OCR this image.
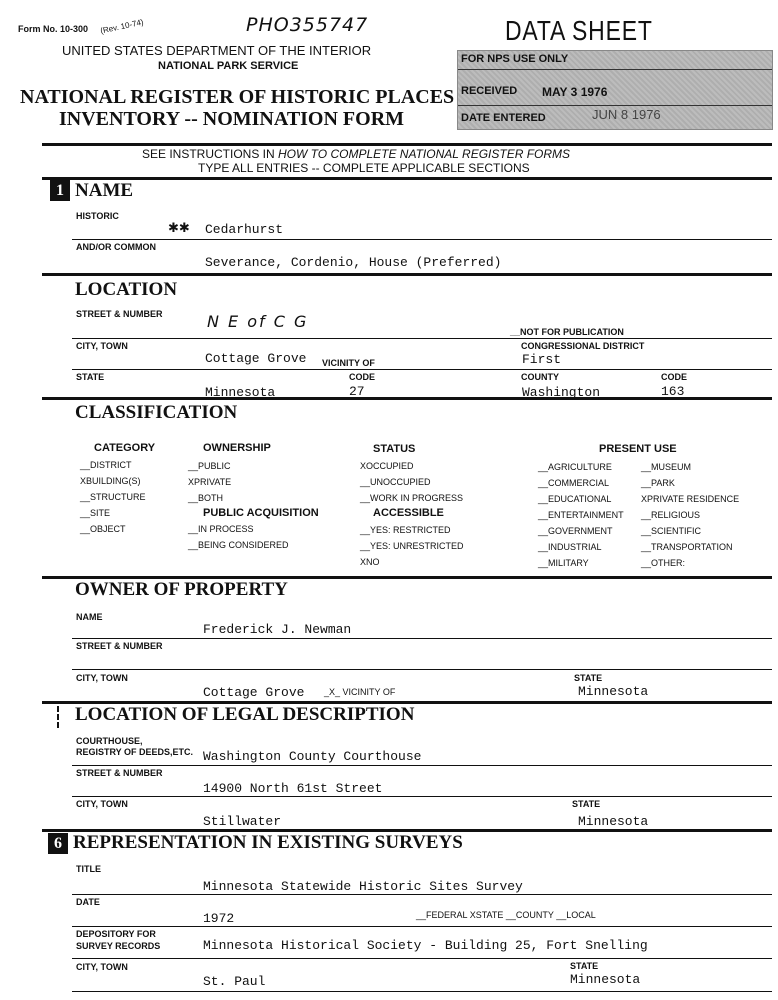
Form No. 10-300 (Rev. 10-74)	PHO355747	DATA SHEET
UNITED STATES DEPARTMENT OF THE INTERIOR
NATIONAL PARK SERVICE
NATIONAL REGISTER OF HISTORIC PLACES
INVENTORY -- NOMINATION FORM
FOR NPS USE ONLY
RECEIVED MAY 3 1976
DATE ENTERED	JUN 8 1976
SEE INSTRUCTIONS IN HOW TO COMPLETE NATIONAL REGISTER FORMS
TYPE ALL ENTRIES -- COMPLETE APPLICABLE SECTIONS
1 NAME
HISTORIC
✱✱ Cedarhurst
AND/OR COMMON
Severance, Cordenio, House (Preferred)
LOCATION
STREET & NUMBER	N E of C G
__NOT FOR PUBLICATION
CITY, TOWN	CONGRESSIONAL DISTRICT
Cottage Grove VICINITY OF	First
STATE	CODE	COUNTY	CODE
Minnesota	27	Washington	163
CLASSIFICATION
CATEGORY	OWNERSHIP	STATUS	PRESENT USE
__DISTRICT
XBUILDING(S)
__STRUCTURE
__SITE
__OBJECT
__PUBLIC
XPRIVATE
__BOTH
PUBLIC ACQUISITION
__IN PROCESS
__BEING CONSIDERED
XOCCUPIED
__UNOCCUPIED
__WORK IN PROGRESS
ACCESSIBLE
__YES: RESTRICTED
__YES: UNRESTRICTED
XNO
__AGRICULTURE
__COMMERCIAL
__EDUCATIONAL
__ENTERTAINMENT
__GOVERNMENT
__INDUSTRIAL
__MILITARY
__MUSEUM
__PARK
XPRIVATE RESIDENCE
__RELIGIOUS
__SCIENTIFIC
__TRANSPORTATION
__OTHER:
OWNER OF PROPERTY
NAME
Frederick J. Newman
STREET & NUMBER
CITY, TOWN	STATE
Cottage Grove _X_ VICINITY OF	Minnesota
LOCATION OF LEGAL DESCRIPTION
COURTHOUSE,
REGISTRY OF DEEDS,ETC. Washington County Courthouse
STREET & NUMBER
14900 North 61st Street
CITY, TOWN	STATE
Stillwater	Minnesota
6 REPRESENTATION IN EXISTING SURVEYS
TITLE
Minnesota Statewide Historic Sites Survey
DATE
1972	__FEDERAL XSTATE __COUNTY __LOCAL
DEPOSITORY FOR
SURVEY RECORDS	Minnesota Historical Society - Building 25, Fort Snelling
CITY, TOWN	STATE
St. Paul	Minnesota
